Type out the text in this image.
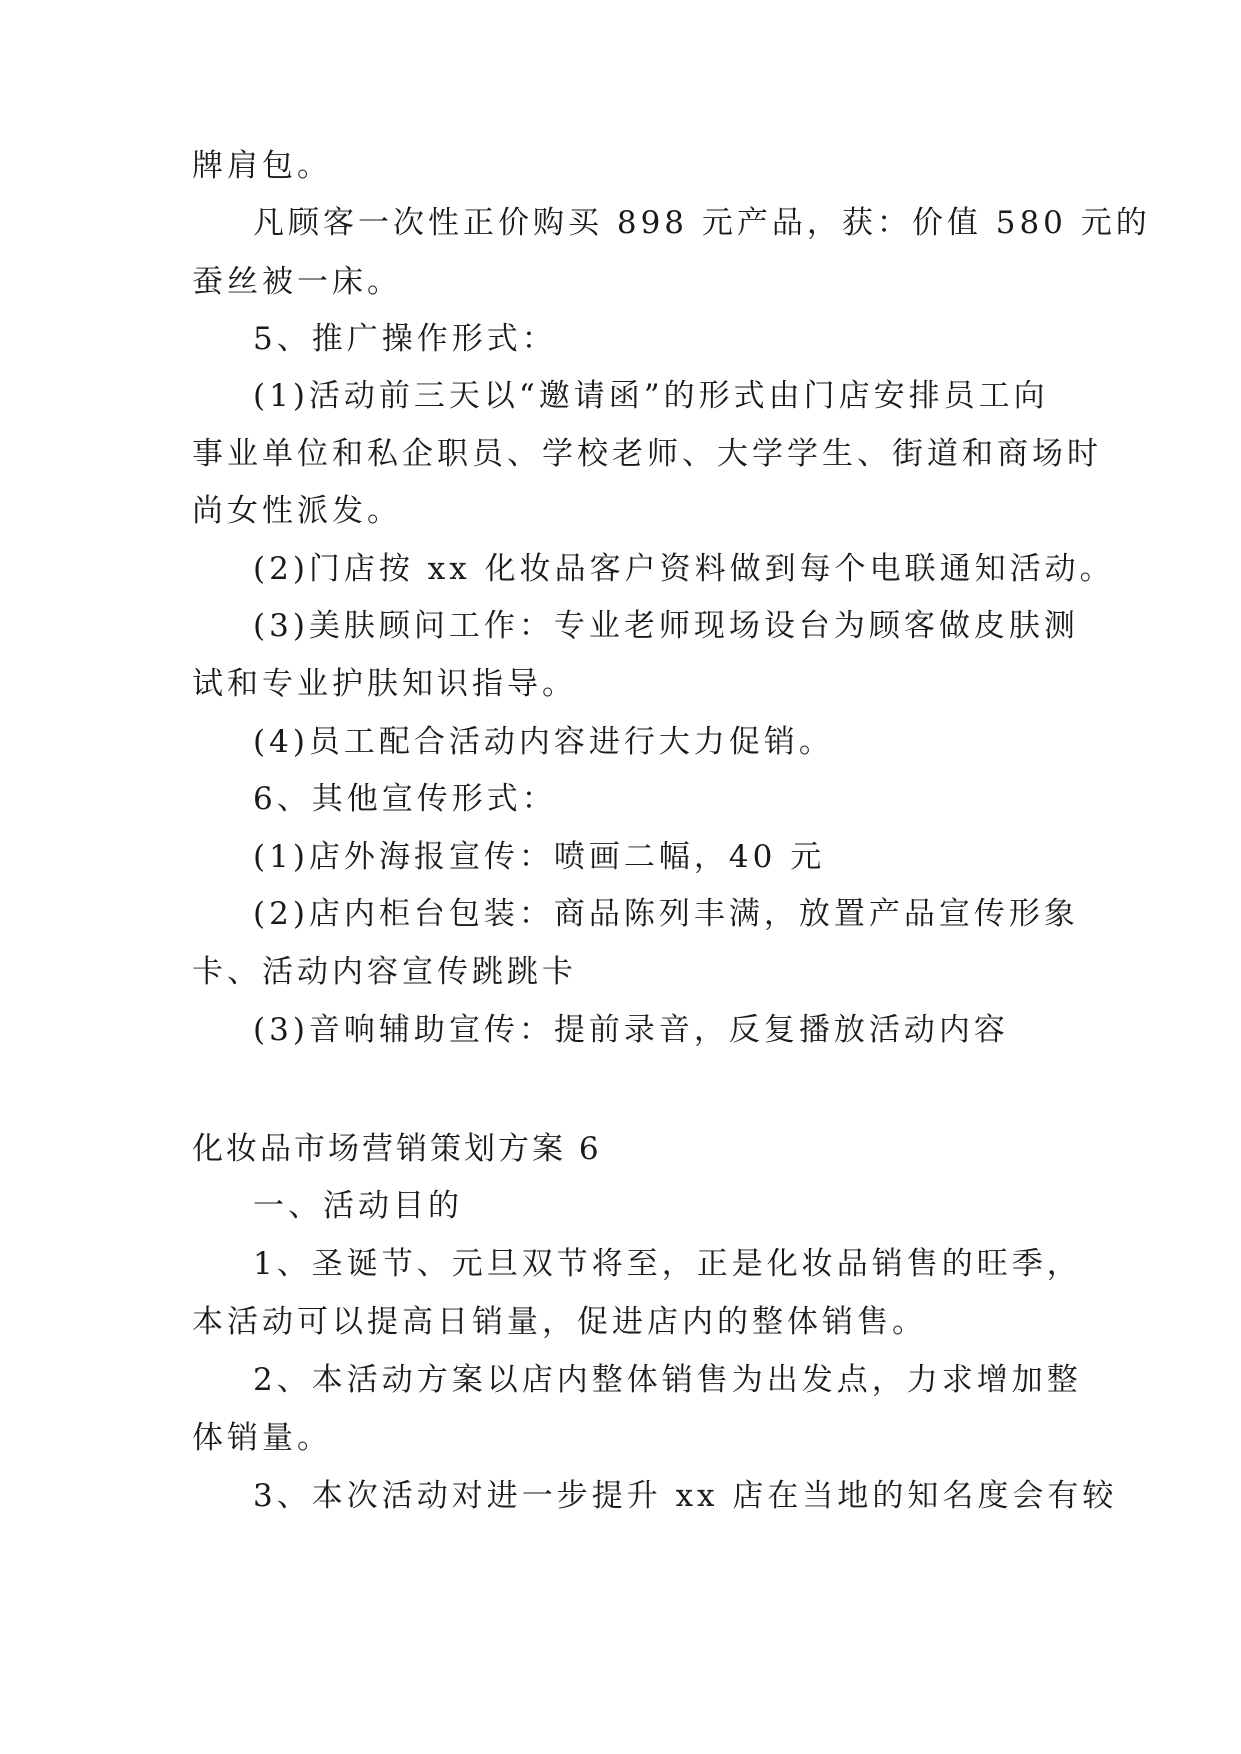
牌肩包。
凡顾客一次性正价购买 898 元产品，获：价值 580 元的
蚕丝被一床。
5、推广操作形式：
(1)活动前三天以“邀请函”的形式由门店安排员工向
事业单位和私企职员、学校老师、大学学生、街道和商场时
尚女性派发。
(2)门店按 xx 化妆品客户资料做到每个电联通知活动。
(3)美肤顾问工作：专业老师现场设台为顾客做皮肤测
试和专业护肤知识指导。
(4)员工配合活动内容进行大力促销。
6、其他宣传形式：
(1)店外海报宣传：喷画二幅，40 元
(2)店内柜台包装：商品陈列丰满，放置产品宣传形象
卡、活动内容宣传跳跳卡
(3)音响辅助宣传：提前录音，反复播放活动内容
化妆品市场营销策划方案 6
一、活动目的
1、圣诞节、元旦双节将至，正是化妆品销售的旺季，
本活动可以提高日销量，促进店内的整体销售。
2、本活动方案以店内整体销售为出发点，力求增加整
体销量。
3、本次活动对进一步提升 xx 店在当地的知名度会有较
